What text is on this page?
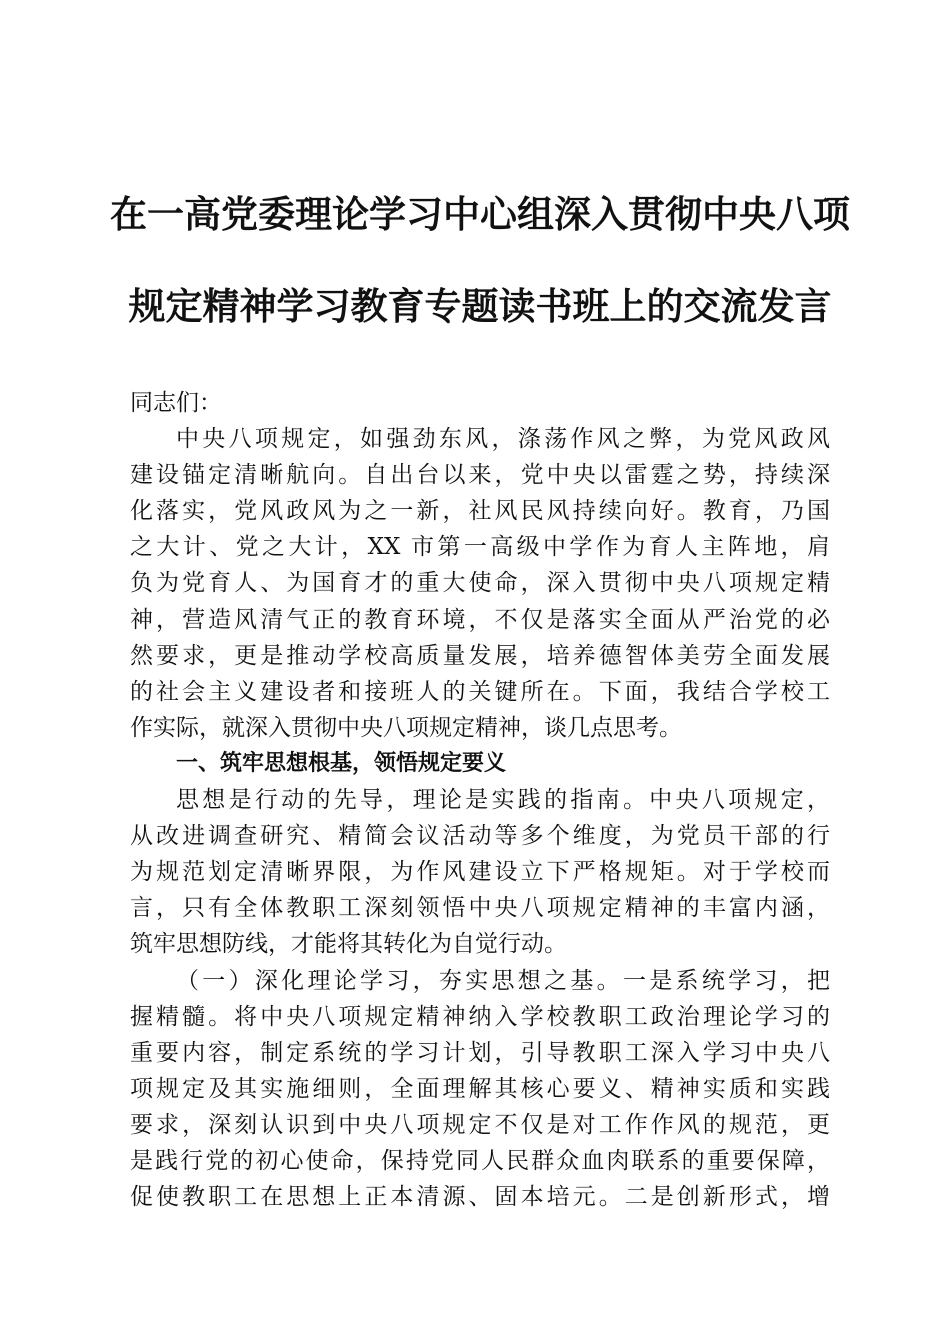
在一高党委理论学习中心组深入贯彻中央八项
规定精神学习教育专题读书班上的交流发言
同志们：
中央八项规定，如强劲东风，涤荡作风之弊，为党风政风
建设锚定清晰航向。自出台以来，党中央以雷霆之势，持续深
化落实，党风政风为之一新，社风民风持续向好。教育，乃国
之大计、党之大计，XX 市第一高级中学作为育人主阵地，肩
负为党育人、为国育才的重大使命，深入贯彻中央八项规定精
神，营造风清气正的教育环境，不仅是落实全面从严治党的必
然要求，更是推动学校高质量发展，培养德智体美劳全面发展
的社会主义建设者和接班人的关键所在。下面，我结合学校工
作实际，就深入贯彻中央八项规定精神，谈几点思考。
一、筑牢思想根基，领悟规定要义
思想是行动的先导，理论是实践的指南。中央八项规定，
从改进调查研究、精简会议活动等多个维度，为党员干部的行
为规范划定清晰界限，为作风建设立下严格规矩。对于学校而
言，只有全体教职工深刻领悟中央八项规定精神的丰富内涵，
筑牢思想防线，才能将其转化为自觉行动。
（一）深化理论学习，夯实思想之基。一是系统学习，把
握精髓。将中央八项规定精神纳入学校教职工政治理论学习的
重要内容，制定系统的学习计划，引导教职工深入学习中央八
项规定及其实施细则，全面理解其核心要义、精神实质和实践
要求，深刻认识到中央八项规定不仅是对工作作风的规范，更
是践行党的初心使命，保持党同人民群众血肉联系的重要保障，
促使教职工在思想上正本清源、固本培元。二是创新形式，增
